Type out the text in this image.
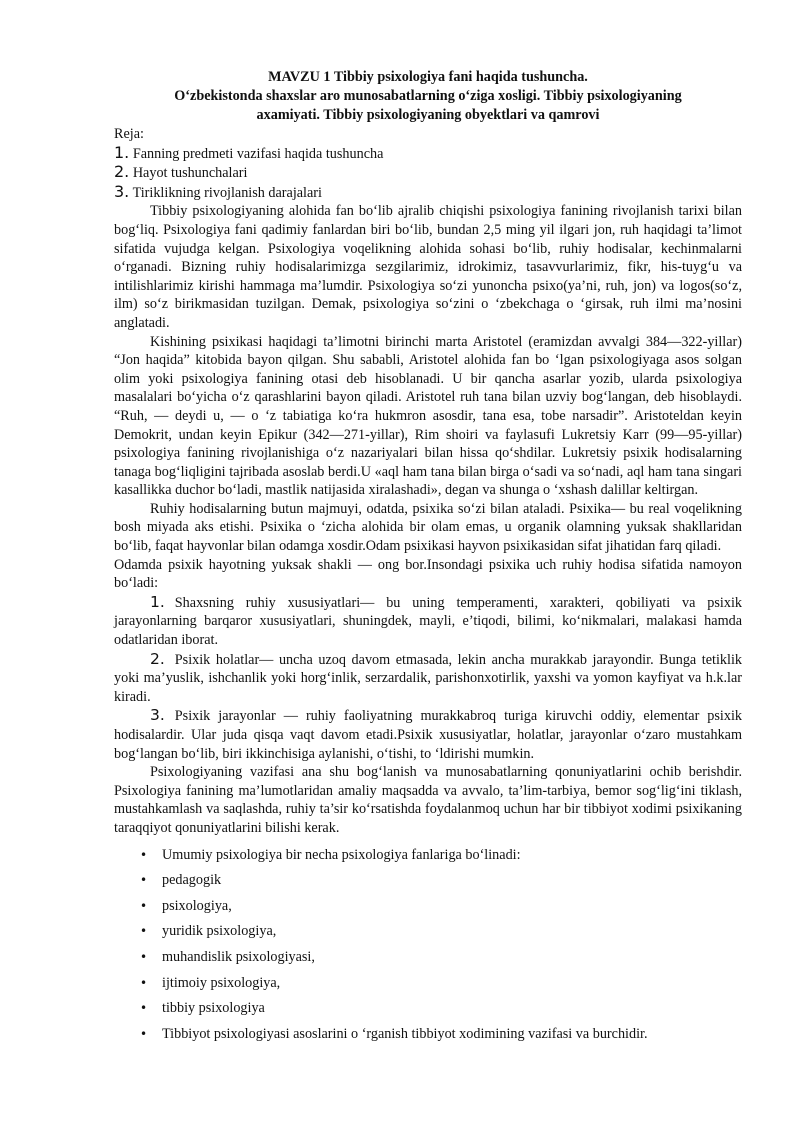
MAVZU 1 Tibbiy psixologiya fani haqida tushuncha.

O‘zbekistonda shaxslar aro munosabatlarning o‘ziga xosligi. Tibbiy psixologiyaning

axamiyati. Tibbiy psixologiyaning obyektlari va qamrovi

Reja:

1. Fanning predmeti vazifasi haqida tushuncha

2. Hayot tushunchalari

3. Tiriklikning rivojlanish darajalari

Tibbiy psixologiyaning alohida fan bo‘lib ajralib chiqishi psixologiya fanining rivojlanish tarixi bilan bog‘liq. Psixologiya fani qadimiy fanlardan biri bo‘lib, bundan 2,5 ming yil ilgari jon, ruh haqidagi ta’limot sifatida vujudga kelgan. Psixologiya voqelikning alohida sohasi bo‘lib, ruhiy hodisalar, kechinmalarni o‘rganadi. Bizning ruhiy hodisalarimizga sezgilarimiz, idrokimiz, tasavvurlarimiz, fikr, his-tuyg‘u va intilishlarimiz kirishi hammaga ma’lumdir. Psixologiya so‘zi yunoncha psixo(ya’ni, ruh, jon) va logos(so‘z, ilm) so‘z birikmasidan tuzilgan. Demak, psixologiya so‘zini o ‘zbekchaga o ‘girsak, ruh ilmi ma’nosini anglatadi.

Kishining psixikasi haqidagi ta’limotni birinchi marta Aristotel (eramizdan avvalgi 384—322-yillar) “Jon haqida” kitobida bayon qilgan. Shu sababli, Aristotel alohida fan bo ‘lgan psixologiyaga asos solgan olim yoki psixologiya fanining otasi deb hisoblanadi. U bir qancha asarlar yozib, ularda psixologiya masalalari bo‘yicha o‘z qarashlarini bayon qiladi. Aristotel ruh tana bilan uzviy bog‘langan, deb hisoblaydi. “Ruh, — deydi u, — o ‘z tabiatiga ko‘ra hukmron asosdir, tana esa, tobe narsadir”. Aristoteldan keyin Demokrit, undan keyin Epikur (342—271-yillar), Rim shoiri va faylasufi Lukretsiy Karr (99—95-yillar) psixologiya fanining rivojlanishiga o‘z nazariyalari bilan hissa qo‘shdilar. Lukretsiy psixik hodisalarning tanaga bog‘liqligini tajribada asoslab berdi.U «aql ham tana bilan birga o‘sadi va so‘nadi, aql ham tana singari kasallikka duchor bo‘ladi, mastlik natijasida xiralashadi», degan va shunga o ‘xshash dalillar keltirgan.

Ruhiy hodisalarning butun majmuyi, odatda, psixika so‘zi bilan ataladi. Psixika— bu real voqelikning bosh miyada aks etishi. Psixika o ‘zicha alohida bir olam emas, u organik olamning yuksak shakllaridan bo‘lib, faqat hayvonlar bilan odamga xosdir.Odam psixikasi hayvon psixikasidan sifat jihatidan farq qiladi.

Odamda psixik hayotning yuksak shakli — ong bor.Insondagi psixika uch ruhiy hodisa sifatida namoyon bo‘ladi:

1. Shaxsning ruhiy xususiyatlari— bu uning temperamenti, xarakteri, qobiliyati va psixik jarayonlarning barqaror xususiyatlari, shuningdek, mayli, e’tiqodi, bilimi, ko‘nikmalari, malakasi hamda odatlaridan iborat.

2. Psixik holatlar— uncha uzoq davom etmasada, lekin ancha murakkab jarayondir. Bunga tetiklik yoki ma’yuslik, ishchanlik yoki horg‘inlik, serzardalik, parishonxotirlik, yaxshi va yomon kayfiyat va h.k.lar kiradi.

3. Psixik jarayonlar — ruhiy faoliyatning murakkabroq turiga kiruvchi oddiy, elementar psixik hodisalardir. Ular juda qisqa vaqt davom etadi.Psixik xususiyatlar, holatlar, jarayonlar o‘zaro mustahkam bog‘langan bo‘lib, biri ikkinchisiga aylanishi, o‘tishi, to ‘ldirishi mumkin.

Psixologiyaning vazifasi ana shu bog‘lanish va munosabatlarning qonuniyatlarini ochib berishdir. Psixologiya fanining ma’lumotlaridan amaliy maqsadda va avvalo, ta’lim-tarbiya, bemor sog‘lig‘ini tiklash, mustahkamlash va saqlashda, ruhiy ta’sir ko‘rsatishda foydalanmoq uchun har bir tibbiyot xodimi psixikaning taraqqiyot qonuniyatlarini bilishi kerak.

• Umumiy psixologiya bir necha psixologiya fanlariga bo‘linadi:
• pedagogik
• psixologiya,
• yuridik psixologiya,
• muhandislik psixologiyasi,
• ijtimoiy psixologiya,
• tibbiy psixologiya
• Tibbiyot psixologiyasi asoslarini o ‘rganish tibbiyot xodimining vazifasi va burchidir.
